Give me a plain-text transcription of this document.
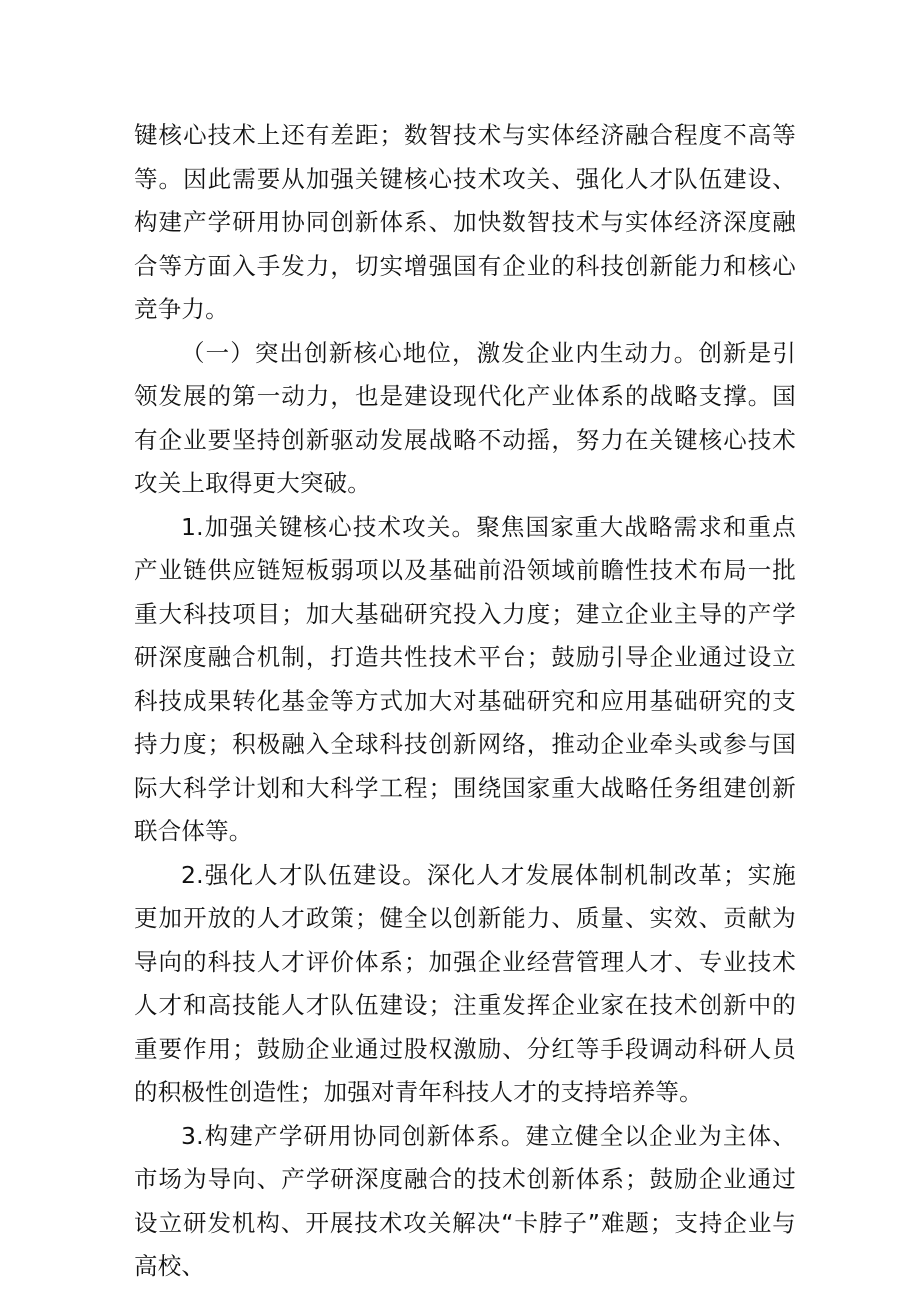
键核心技术上还有差距；数智技术与实体经济融合程度不高等等。因此需要从加强关键核心技术攻关、强化人才队伍建设、构建产学研用协同创新体系、加快数智技术与实体经济深度融合等方面入手发力，切实增强国有企业的科技创新能力和核心竞争力。

（一）突出创新核心地位，激发企业内生动力。创新是引领发展的第一动力，也是建设现代化产业体系的战略支撑。国有企业要坚持创新驱动发展战略不动摇，努力在关键核心技术攻关上取得更大突破。

1.加强关键核心技术攻关。聚焦国家重大战略需求和重点产业链供应链短板弱项以及基础前沿领域前瞻性技术布局一批重大科技项目；加大基础研究投入力度；建立企业主导的产学研深度融合机制，打造共性技术平台；鼓励引导企业通过设立科技成果转化基金等方式加大对基础研究和应用基础研究的支持力度；积极融入全球科技创新网络，推动企业牵头或参与国际大科学计划和大科学工程；围绕国家重大战略任务组建创新联合体等。

2.强化人才队伍建设。深化人才发展体制机制改革；实施更加开放的人才政策；健全以创新能力、质量、实效、贡献为导向的科技人才评价体系；加强企业经营管理人才、专业技术人才和高技能人才队伍建设；注重发挥企业家在技术创新中的重要作用；鼓励企业通过股权激励、分红等手段调动科研人员的积极性创造性；加强对青年科技人才的支持培养等。

3.构建产学研用协同创新体系。建立健全以企业为主体、市场为导向、产学研深度融合的技术创新体系；鼓励企业通过设立研发机构、开展技术攻关解决“卡脖子”难题；支持企业与高校、
